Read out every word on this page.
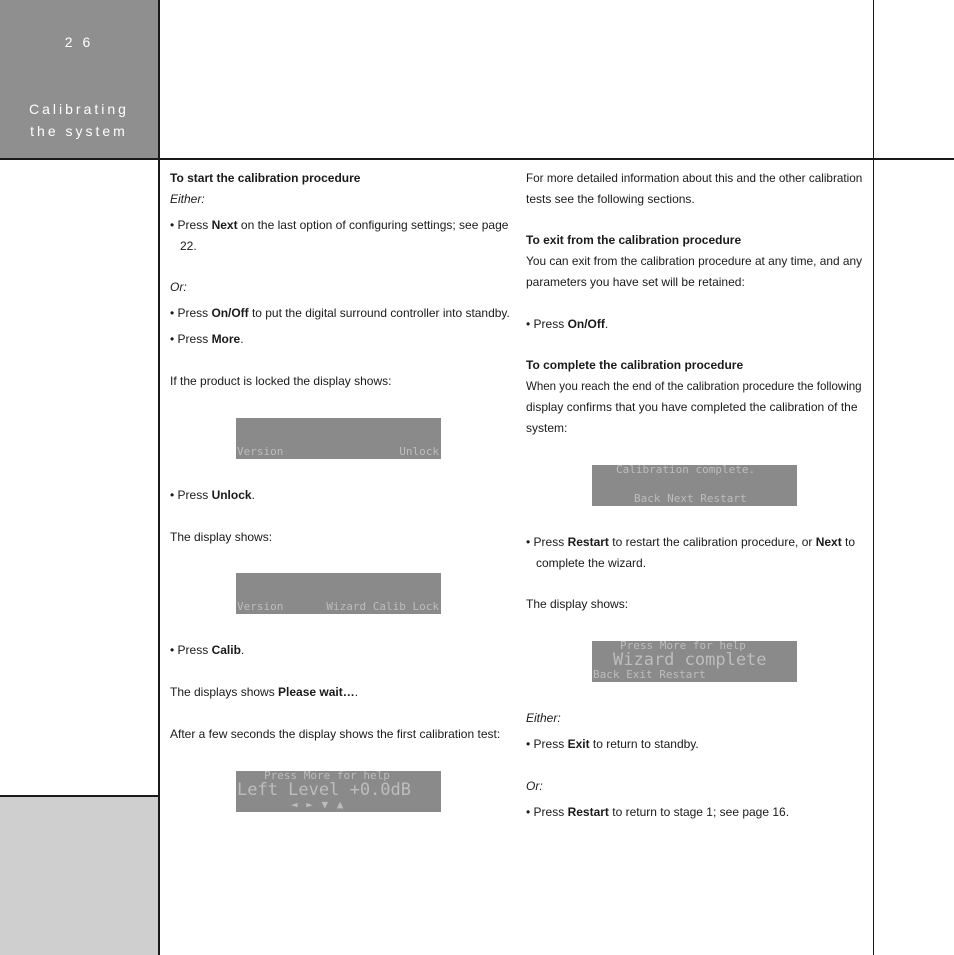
2 6
Calibrating
the system
To start the calibration procedure
Either:
• Press Next on the last option of configuring settings; see page
22.
Or:
• Press On/Off to put the digital surround controller into standby.
• Press More.
If the product is locked the display shows:
Version	Unlock
• Press Unlock.
The display shows:
Version	Wizard Calib Lock
• Press Calib.
The displays shows Please wait….
After a few seconds the display shows the first calibration test:
Press More for help
Left Level +0.0dB
◄ ► ▼ ▲
For more detailed information about this and the other calibration
tests see the following sections.
To exit from the calibration procedure
You can exit from the calibration procedure at any time, and any
parameters you have set will be retained:
• Press On/Off.
To complete the calibration procedure
When you reach the end of the calibration procedure the following
display confirms that you have completed the calibration of the
system:
Calibration complete.
Back Next Restart
• Press Restart to restart the calibration procedure, or Next to
complete the wizard.
The display shows:
Press More for help
Wizard complete
Back Exit Restart
Either:
• Press Exit to return to standby.
Or:
• Press Restart to return to stage 1; see page 16.
